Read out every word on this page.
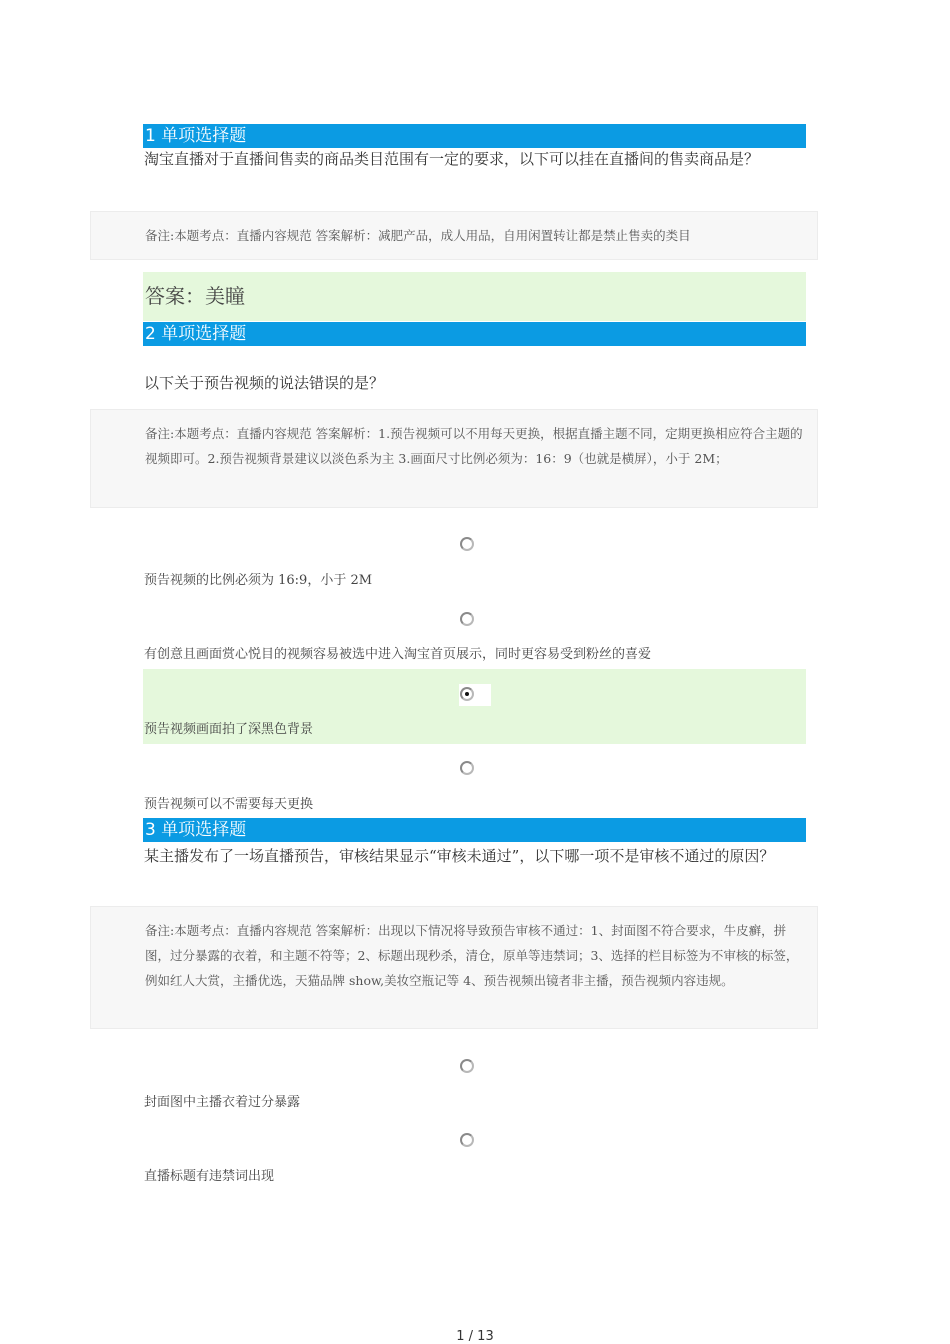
1 单项选择题
淘宝直播对于直播间售卖的商品类目范围有一定的要求，以下可以挂在直播间的售卖商品是？
备注:本题考点：直播内容规范 答案解析：减肥产品，成人用品，自用闲置转让都是禁止售卖的类目
答案：美瞳
2 单项选择题
以下关于预告视频的说法错误的是？
备注:本题考点：直播内容规范 答案解析：1.预告视频可以不用每天更换，根据直播主题不同，定期更换相应符合主题的视频即可。2.预告视频背景建议以淡色系为主 3.画面尺寸比例必须为：16：9（也就是横屏），小于 2M；
预告视频的比例必须为 16:9，小于 2M
有创意且画面赏心悦目的视频容易被选中进入淘宝首页展示，同时更容易受到粉丝的喜爱
预告视频画面拍了深黑色背景
预告视频可以不需要每天更换
3 单项选择题
某主播发布了一场直播预告，审核结果显示“审核未通过”，以下哪一项不是审核不通过的原因？
备注:本题考点：直播内容规范 答案解析：出现以下情况将导致预告审核不通过：1、封面图不符合要求，牛皮癣，拼图，过分暴露的衣着，和主题不符等；2、标题出现秒杀，清仓，原单等违禁词；3、选择的栏目标签为不审核的标签，例如红人大赏，主播优选，天猫品牌 show,美妆空瓶记等 4、预告视频出镜者非主播，预告视频内容违规。
封面图中主播衣着过分暴露
直播标题有违禁词出现
1 / 13
